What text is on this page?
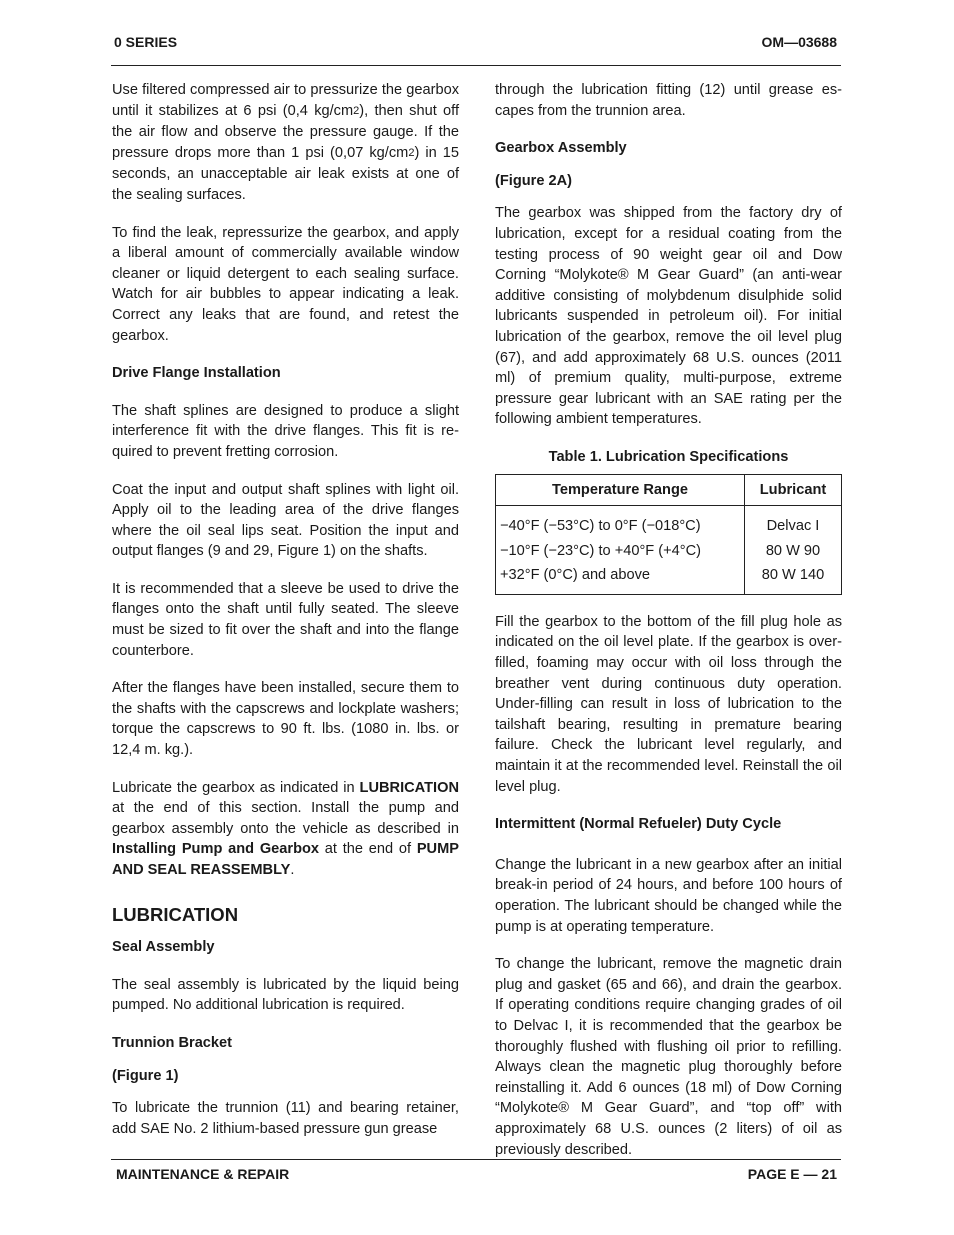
0 SERIES	OM—03688

Use filtered compressed air to pressurize the gearbox until it stabilizes at 6 psi (0,4 $kg/cm^2$), then shut off the air flow and observe the pressure gauge. If the pressure drops more than 1 psi (0,07 $kg/cm^2$) in 15 seconds, an unacceptable air leak exists at one of the sealing surfaces.

To find the leak, repressurize the gearbox, and apply a liberal amount of commercially available window cleaner or liquid detergent to each sealing surface. Watch for air bubbles to appear indicating a leak. Correct any leaks that are found, and retest the gearbox.

Drive Flange Installation

The shaft splines are designed to produce a slight interference fit with the drive flanges. This fit is required to prevent fretting corrosion.

Coat the input and output shaft splines with light oil. Apply oil to the leading area of the drive flanges where the oil seal lips seat. Position the input and output flanges (9 and 29, Figure 1) on the shafts.

It is recommended that a sleeve be used to drive the flanges onto the shaft until fully seated. The sleeve must be sized to fit over the shaft and into the flange counterbore.

After the flanges have been installed, secure them to the shafts with the capscrews and lockplate washers; torque the capscrews to 90 ft. lbs. (1080 in. lbs. or 12,4 m. kg.).

Lubricate the gearbox as indicated in LUBRICATION at the end of this section. Install the pump and gearbox assembly onto the vehicle as described in Installing Pump and Gearbox at the end of PUMP AND SEAL REASSEMBLY.

LUBRICATION
Seal Assembly

The seal assembly is lubricated by the liquid being pumped. No additional lubrication is required.

Trunnion Bracket
(Figure 1)

To lubricate the trunnion (11) and bearing retainer, add SAE No. 2 lithium-based pressure gun grease

through the lubrication fitting (12) until grease escapes from the trunnion area.

Gearbox Assembly
(Figure 2A)

The gearbox was shipped from the factory dry of lubrication, except for a residual coating from the testing process of 90 weight gear oil and Dow Corning “Molykote® M Gear Guard” (an anti-wear additive consisting of molybdenum disulphide solid lubricants suspended in petroleum oil). For initial lubrication of the gearbox, remove the oil level plug (67), and add approximately 68 U.S. ounces (2011 ml) of premium quality, multi-purpose, extreme pressure gear lubricant with an SAE rating per the following ambient temperatures.

Table 1. Lubrication Specifications
Temperature Range	Lubricant
−40°F (−53°C) to 0°F (−018°C)	Delvac I
−10°F (−23°C) to +40°F (+4°C)	80 W 90
+32°F (0°C) and above	80 W 140

Fill the gearbox to the bottom of the fill plug hole as indicated on the oil level plate. If the gearbox is over-filled, foaming may occur with oil loss through the breather vent during continuous duty operation. Under-filling can result in loss of lubrication to the tailshaft bearing, resulting in premature bearing failure. Check the lubricant level regularly, and maintain it at the recommended level. Reinstall the oil level plug.

Intermittent (Normal Refueler) Duty Cycle

Change the lubricant in a new gearbox after an initial break-in period of 24 hours, and before 100 hours of operation. The lubricant should be changed while the pump is at operating temperature.

To change the lubricant, remove the magnetic drain plug and gasket (65 and 66), and drain the gearbox. If operating conditions require changing grades of oil to Delvac I, it is recommended that the gearbox be thoroughly flushed with flushing oil prior to refilling. Always clean the magnetic plug thoroughly before reinstalling it. Add 6 ounces (18 ml) of Dow Corning “Molykote® M Gear Guard”, and “top off” with approximately 68 U.S. ounces (2 liters) of oil as previously described.

MAINTENANCE & REPAIR	PAGE E — 21
